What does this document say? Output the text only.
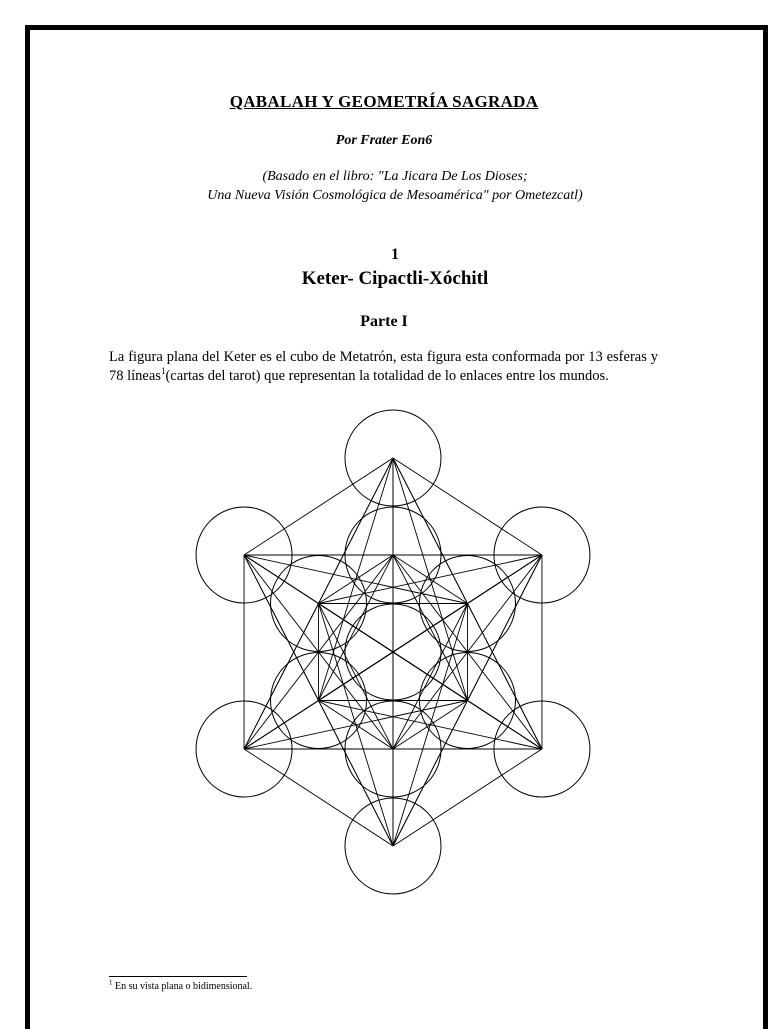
QABALAH Y GEOMETRÍA SAGRADA
Por Frater Eon6
(Basado en el libro: "La Jicara De Los Dioses;
Una Nueva Visión Cosmológica de Mesoamérica" por Ometezcatl)
1
Keter- Cipactli-Xóchitl
Parte I
La figura plana del Keter es el cubo de Metatrón, esta figura esta conformada por 13 esferas y 78 líneas$^1$(cartas del tarot) que representan la totalidad de lo enlaces entre los mundos.
$^1$ En su vista plana o bidimensional.
